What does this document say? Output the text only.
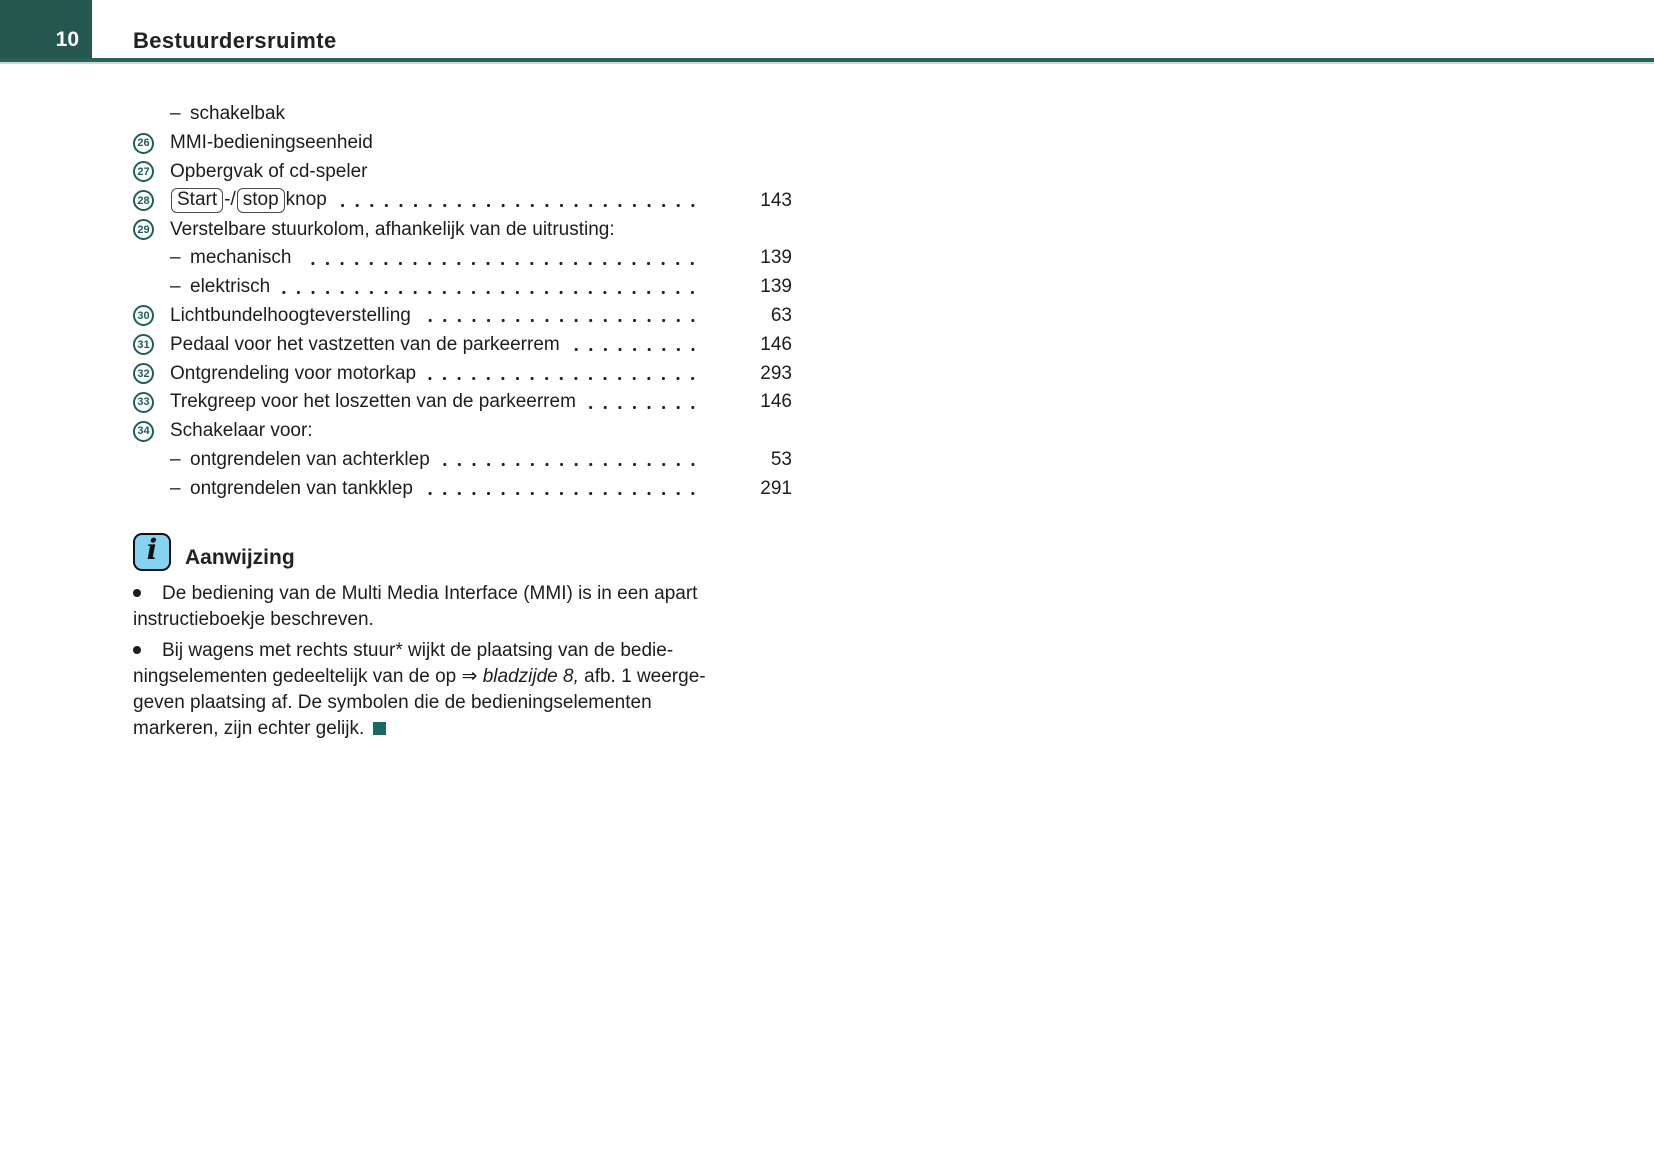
10 Bestuurdersruimte
– schakelbak
26 MMI-bedieningseenheid
27 Opbergvak of cd-speler
28	Start -/ stop knop	143
29 Verstelbare stuurkolom, afhankelijk van de uitrusting:
– mechanisch	139
– elektrisch	139
30 Lichtbundelhoogteverstelling	63
31 Pedaal voor het vastzetten van de parkeerrem	146
32 Ontgrendeling voor motorkap	293
33 Trekgreep voor het loszetten van de parkeerrem	146
34 Schakelaar voor:
– ontgrendelen van achterklep	53
– ontgrendelen van tankklep	291
i Aanwijzing

De bediening van de Multi Media Interface (MMI) is in een apart
instructieboekje beschreven.

Bij wagens met rechts stuur* wijkt de plaatsing van de bedie-
ningselementen gedeeltelijk van de op ⇒ bladzijde 8, afb. 1 weerge-
geven plaatsing af. De symbolen die de bedieningselementen
markeren, zijn echter gelijk.
